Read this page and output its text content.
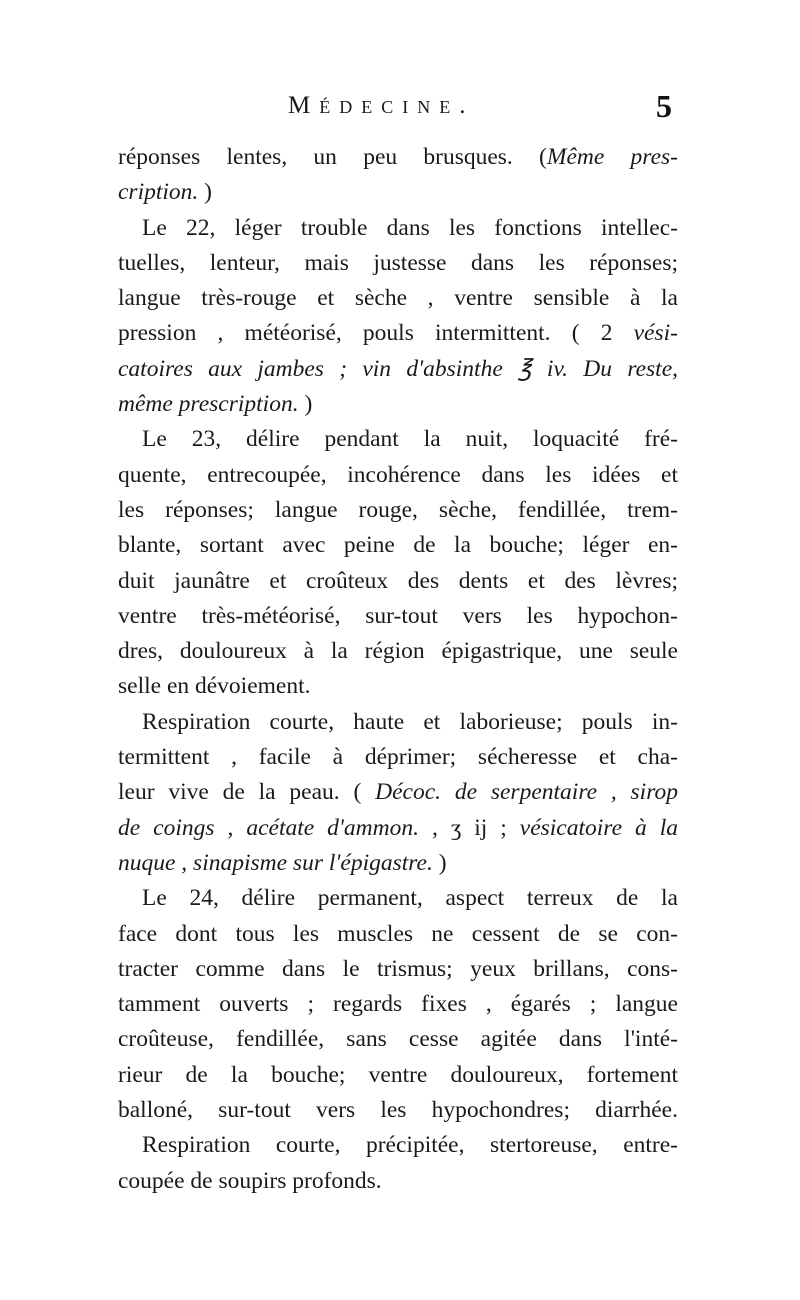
Médecine.	5
réponses lentes, un peu brusques. (Même pres-
cription. )
Le 22, léger trouble dans les fonctions intellec-
tuelles, lenteur, mais justesse dans les réponses;
langue très-rouge et sèche , ventre sensible à la
pression , météorisé, pouls intermittent. ( 2 vési-
catoires aux jambes ; vin d'absinthe ℥ iv. Du reste,
même prescription. )
Le 23, délire pendant la nuit, loquacité fré-
quente, entrecoupée, incohérence dans les idées et
les réponses; langue rouge, sèche, fendillée, trem-
blante, sortant avec peine de la bouche; léger en-
duit jaunâtre et croûteux des dents et des lèvres;
ventre très-météorisé, sur-tout vers les hypochon-
dres, douloureux à la région épigastrique, une seule
selle en dévoiement.
Respiration courte, haute et laborieuse; pouls in-
termittent , facile à déprimer; sécheresse et cha-
leur vive de la peau. ( Décoc. de serpentaire , sirop
de coings , acétate d'ammon. , ʒ ij ; vésicatoire à la
nuque , sinapisme sur l'épigastre. )
Le 24, délire permanent, aspect terreux de la
face dont tous les muscles ne cessent de se con-
tracter comme dans le trismus; yeux brillans, cons-
tamment ouverts ; regards fixes , égarés ; langue
croûteuse, fendillée, sans cesse agitée dans l'inté-
rieur de la bouche; ventre douloureux, fortement
balloné, sur-tout vers les hypochondres; diarrhée.
Respiration courte, précipitée, stertoreuse, entre-
coupée de soupirs profonds.
